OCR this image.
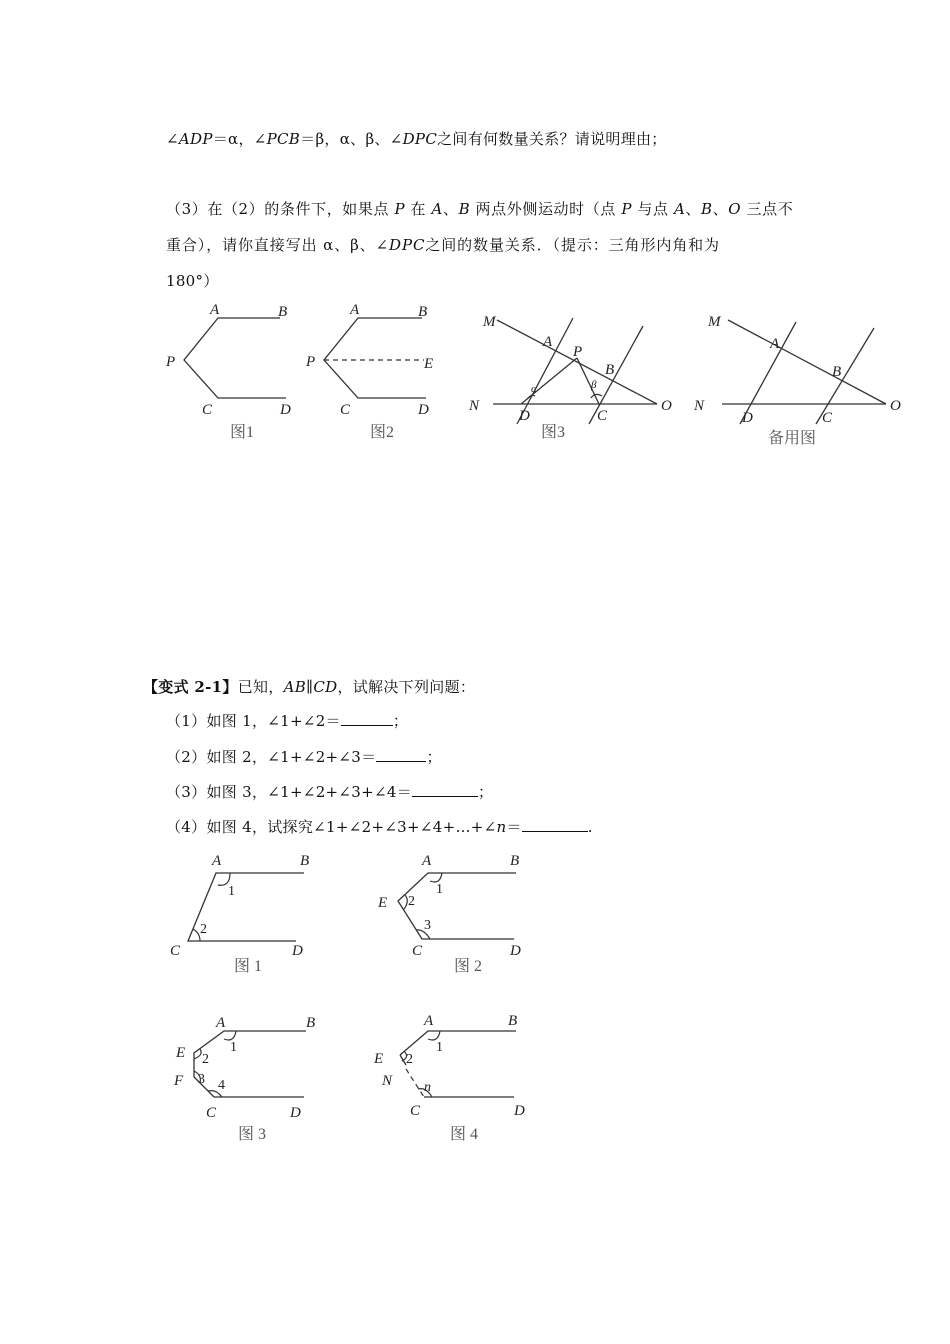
∠ADP＝α，∠PCB＝β，α、β、∠DPC之间有何数量关系？请说明理由；
（3）在（2）的条件下，如果点 P 在 A、B 两点外侧运动时（点 P 与点 A、B、O 三点不
重合），请你直接写出 α、β、∠DPC之间的数量关系．（提示：三角形内角和为
180°）
A	B
P
C	D
图1
A	B
P	E
C	D
图2
M
A
P
B
N
D	C
O
α	β
图3
M
A
B
N
D	C
O
备用图
【变式 2-1】已知，AB∥CD，试解决下列问题：
（1）如图 1，∠1+∠2＝	；
（2）如图 2，∠1+∠2+∠3＝	；
（3）如图 3，∠1+∠2+∠3+∠4＝	；
（4）如图 4，试探究∠1+∠2+∠3+∠4+…+∠n＝	.
A	B
C	D
1
2
图 1
A	B
E
C	D
1
2
3
图 2
A	B
E
F
C	D
1
2
3 4
图 3
A	B
E
N
C	D
1
2
n
图 4
